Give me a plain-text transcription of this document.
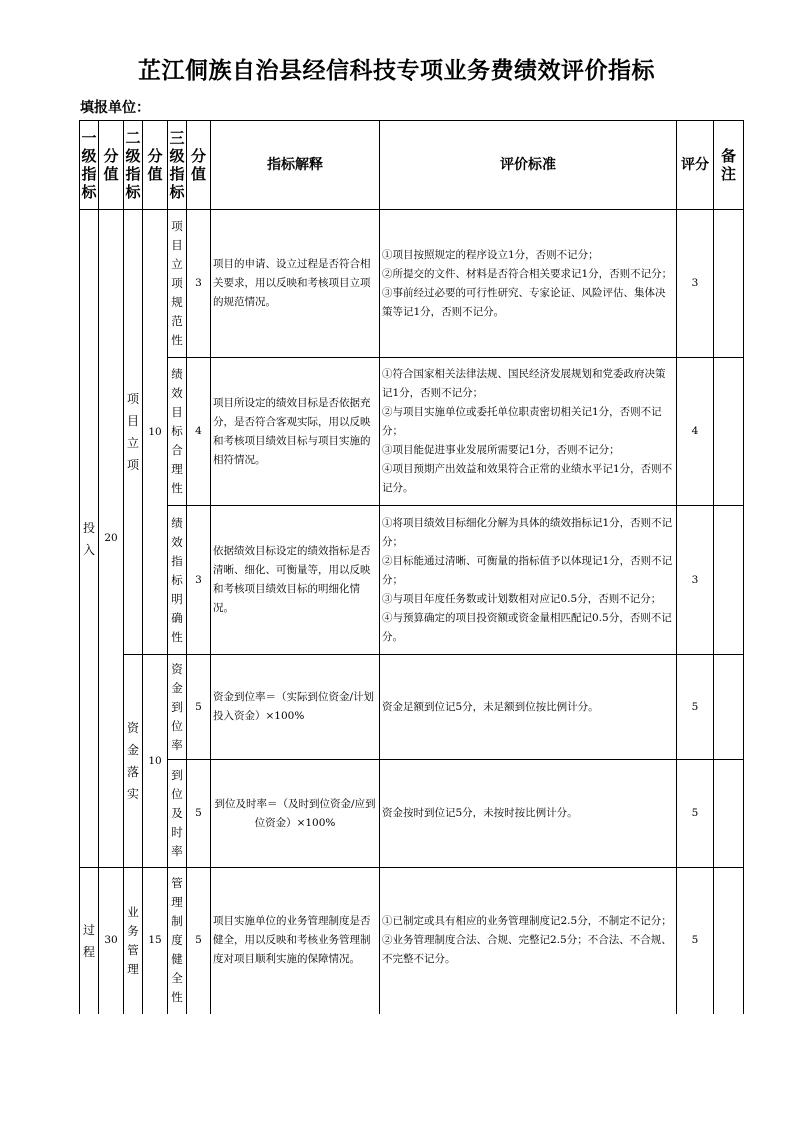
芷江侗族自治县经信科技专项业务费绩效评价指标
填报单位：
一级指标	分值	二级指标	分值	三级指标	分值	指标解释	评价标准	评分	备注
投入	20	项目立项	10	项目立项规范性	3	项目的申请、设立过程是否符合相关要求，用以反映和考核项目立项的规范情况。	①项目按照规定的程序设立1分，否则不记分；
②所提交的文件、材料是否符合相关要求记1分，否则不记分；
③事前经过必要的可行性研究、专家论证、风险评估、集体决策等记1分，否则不记分。	3	
				绩效目标合理性	4	项目所设定的绩效目标是否依据充分，是否符合客观实际，用以反映和考核项目绩效目标与项目实施的相符情况。	①符合国家相关法律法规、国民经济发展规划和党委政府决策记1分，否则不记分；
②与项目实施单位或委托单位职责密切相关记1分，否则不记分；
③项目能促进事业发展所需要记1分，否则不记分；
④项目预期产出效益和效果符合正常的业绩水平记1分，否则不记分。	4	
				绩效指标明确性	3	依据绩效目标设定的绩效指标是否清晰、细化、可衡量等，用以反映和考核项目绩效目标的明细化情况。	①将项目绩效目标细化分解为具体的绩效指标记1分，否则不记分；
②目标能通过清晰、可衡量的指标值予以体现记1分，否则不记分；
③与项目年度任务数或计划数相对应记0.5分，否则不记分；
④与预算确定的项目投资额或资金量相匹配记0.5分，否则不记分。	3	
		资金落实	10	资金到位率	5	资金到位率＝（实际到位资金/计划投入资金）×100%	资金足额到位记5分，未足额到位按比例计分。	5	
				到位及时率	5	到位及时率＝（及时到位资金/应到位资金）×100%	资金按时到位记5分，未按时按比例计分。	5	
过程	30	业务管理	15	管理制度健全性	5	项目实施单位的业务管理制度是否健全，用以反映和考核业务管理制度对项目顺利实施的保障情况。	①已制定或具有相应的业务管理制度记2.5分，不制定不记分；
②业务管理制度合法、合规、完整记2.5分；不合法、不合规、不完整不记分。	5	
